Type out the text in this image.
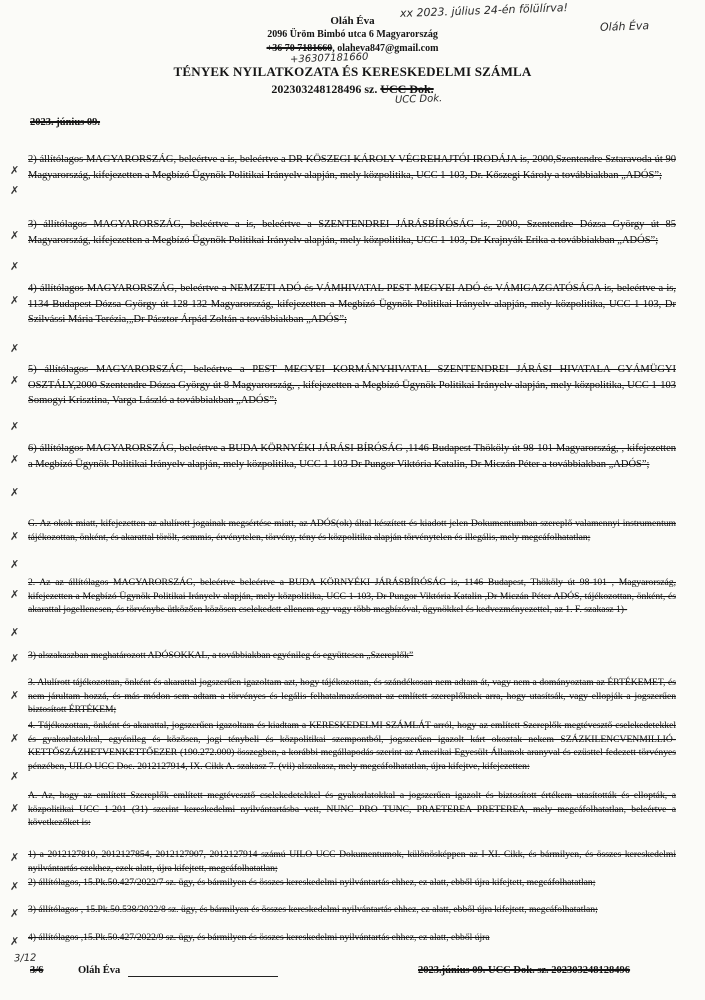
xx 2023. július 24-én fölülírva!
Oláh Éva
Oláh Éva
2096 Üröm Bimbó utca 6 Magyarország
+36 70 7181660, olaheva847@gmail.com
+36307181660
TÉNYEK NYILATKOZATA ÉS KERESKEDELMI SZÁMLA
202303248128496 sz. UCC Dok.
UCC Dok.
2023. június 09.
2) állítólagos MAGYARORSZÁG, beleértve a is, beleértve a DR KÖSZEGI KÁROLY VÉGREHAJTÓI IRODÁJA is, 2000,Szentendre Sztaravoda út 90 Magyarország, kifejezetten a Megbízó Ügynök Politikai Irányelv alapján, mely közpolitika, UCC 1-103, Dr. Kőszegi Károly a továbbiakban „ADÓS”;
3) állítólagos MAGYARORSZÁG, beleértve a is, beleértve a SZENTENDREI JÁRÁSBÍRÓSÁG is, 2000, Szentendre Dózsa György út 85 Magyarország, kifejezetten a Megbízó Ügynök Politikai Irányelv alapján, mely közpolitika, UCC 1-103, Dr Krajnyák Erika a továbbiakban „ADÓS”;
4) állítólagos MAGYARORSZÁG, beleértve a NEMZETI ADÓ és VÁMHIVATAL PEST MEGYEI ADÓ és VÁMIGAZGATÓSÁGA is, beleértve a is, 1134 Budapest Dózsa György út 128-132 Magyarország, kifejezetten a Megbízó Ügynök Politikai Irányelv alapján, mely közpolitika, UCC 1-103, Dr Szilvássi Mária Terézia,„Dr Pásztor Árpád Zoltán a továbbiakban „ADÓS”;
5) állítólagos MAGYARORSZÁG, beleértve a PEST MEGYEI KORMÁNYHIVATAL SZENTENDREI JÁRÁSI HIVATALA GYÁMÜGYI OSZTÁLY,2000 Szentendre Dózsa György út 8 Magyarország, , kifejezetten a Megbízó Ügynök Politikai Irányelv alapján, mely közpolitika, UCC 1-103 Somogyi Krisztina, Varga László a továbbiakban „ADÓS”;
6) állítólagos MAGYARORSZÁG, beleértve a BUDA KÖRNYÉKI JÁRÁSI BÍRÓSÁG ,1146 Budapest Thököly út 98-101 Magyarország, , kifejezetten a Megbízó Ügynök Politikai Irányelv alapján, mely közpolitika, UCC 1-103 Dr Pungor Viktória Katalin, Dr Miczán Péter a továbbiakban „ADÓS”;
G. Az okok miatt, kifejezetten az alulírott jogainak megsértése miatt, az ADÓS(ok) által készített és kiadott jelen Dokumentumban szereplő valamennyi instrumentum tájékozottan, önként, és akarattal törölt, semmis, érvénytelen, törvény, tény és közpolitika alapján törvénytelen és illegális, mely megcáfolhatatlan;
2. Az az állítólagos MAGYARORSZÁG, beleértve beleértve a BUDA KÖRNYÉKI JÁRÁSBÍRÓSÁG is, 1146 Budapest, Thököly út 98-101 , Magyarország, kifejezetten a Megbízó Ügynök Politikai Irányelv alapján, mely közpolitika, UCC 1-103, Dr Pungor Viktória Katalin ,Dr Miczán Péter ADÓS, tájékozottan, önként, és akarattal jogellenesen, és törvénybe ütközően közösen cselekedett ellenem egy vagy több megbízóval, ügynökkel és kedvezményezettel, az 1. F. szakasz 1)-
3) alszakaszban meghatározott ADÓSOKKAL, a továbbiakban egyénileg és együttesen „Szereplők”
3. Alulírott tájékozottan, önként és akarattal jogszerűen igazoltam azt, hogy tájékozottan, és szándékosan nem adtam át, vagy nem a dományoztam az ÉRTÉKEMET, és nem járultam hozzá, és más módon sem adtam a törvényes és legális felhatalmazásomat az említett szereplőknek arra, hogy utasítsák, vagy ellopják a jogszerűen biztosított ÉRTÉKEM;
4. Tájékozottan, önként és akarattal, jogszerűen igazoltam és kiadtam a KERESKEDELMI SZÁMLÁT arról, hogy az említett Szereplők megtévesztő cselekedetekkel és gyakorlatokkal, egyénileg és közösen, jogi ténybeli és közpolitikai szempontból, jogszerűen igazolt kárt okoztak nekem SZÁZKILENCVENMILLIÓ- KETTŐSZÁZHETVENKETTŐEZER (190.272.000) összegben, a korábbi megállapodás szerint az Amerikai Egyesült Államok aranyval és ezüsttel fedezett törvényes pénzében, UILO UCC Doc. 2012127914, IX. Cikk A. szakasz 7. (vii) alszakasz, mely megcáfolhatatlan, újra kifejtve, kifejezetten:
A. Az, hogy az említett Szereplők említett megtévesztő cselekedetekkel és gyakorlatokkal a jogszerűen igazolt és biztosított értékem utasították és ellopták, a közpolitikai UCC 1-201 (31) szerint kereskedelmi nyilvántartásba vett, NUNC PRO TUNC, PRAETEREA PRETEREA, mely megcáfolhatatlan, beleértve a következőket is:
1) a 2012127810, 2012127854, 2012127907, 2012127914 számú UILO UCC Dokumentumok, különösképpen az I-XI. Cikk, és bármilyen, és összes kereskedelmi nyilvántartás ezekhez, ezek alatt, újra kifejtett, megcáfolhatatlan;
2) állítólagos, 15.Pk.50.427/2022/7 sz. ügy, és bármilyen és összes kereskedelmi nyilvántartás ehhez, ez alatt, ebből újra kifejtett, megcáfolhatatlan;
3) állítólagos , 15.Pk.50.538/2022/8 sz. ügy, és bármilyen és összes kereskedelmi nyilvántartás ehhez, ez alatt, ebből újra kifejtett, megcáfolhatatlan;
4) állítólagos ,15.Pk.50.427/2022/9 sz. ügy, és bármilyen és összes kereskedelmi nyilvántartás ehhez, ez alatt, ebből újra
✗
✗
✗
✗
✗
✗
✗
✗
✗
✗
✗
✗
✗
✗
✗
✗
✗
✗
✗
✗
✗
✗
✗
3/12
3/6	Oláh Éva	2023.június 09. UCC Dok. sz. 202303248128496
